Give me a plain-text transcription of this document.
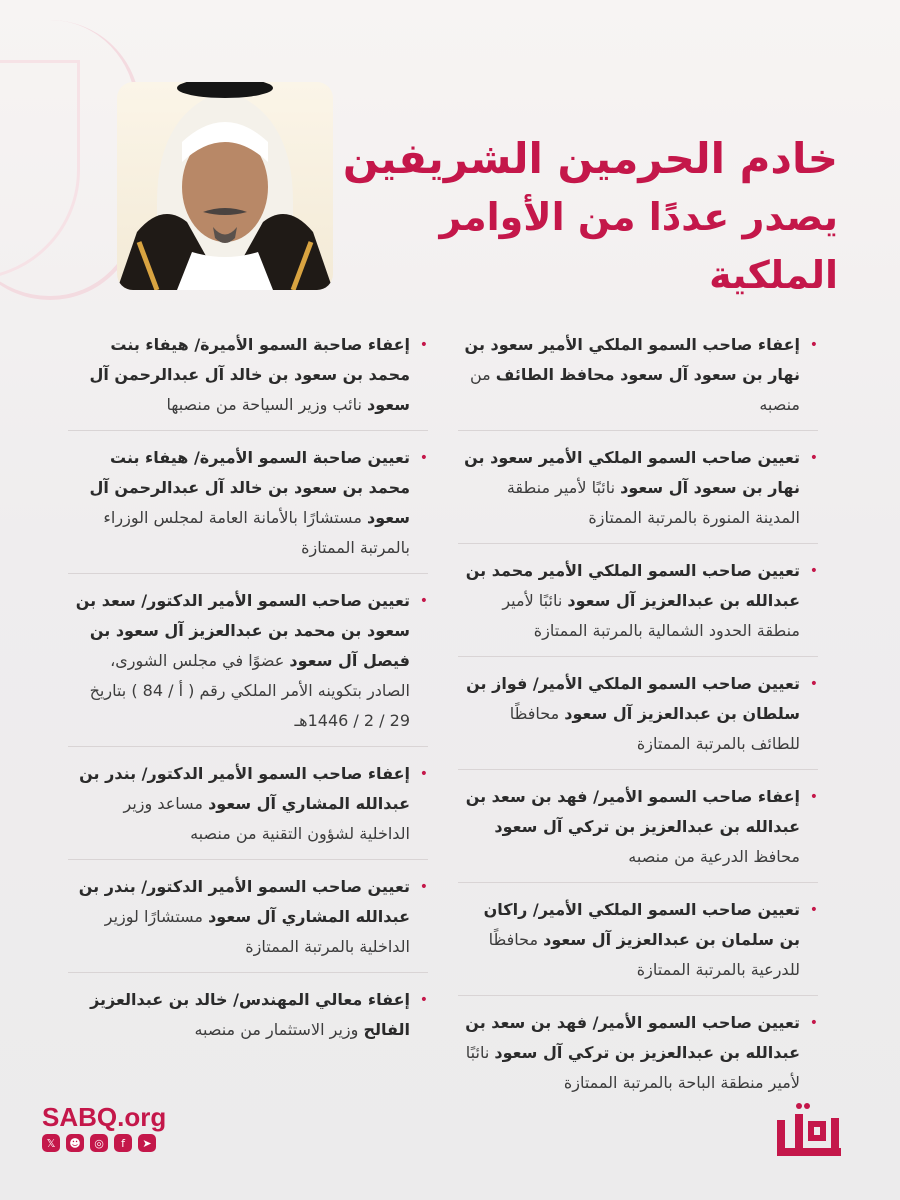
خادم الحرمين الشريفين
يصدر عددًا من الأوامر الملكية
• إعفاء صاحب السمو الملكي الأمير سعود بن نهار بن سعود آل سعود محافظ الطائف من منصبه
• تعيين صاحب السمو الملكي الأمير سعود بن نهار بن سعود آل سعود نائبًا لأمير منطقة المدينة المنورة بالمرتبة الممتازة
• تعيين صاحب السمو الملكي الأمير محمد بن عبدالله بن عبدالعزيز آل سعود نائبًا لأمير منطقة الحدود الشمالية بالمرتبة الممتازة
• تعيين صاحب السمو الملكي الأمير/ فواز بن سلطان بن عبدالعزيز آل سعود محافظًا للطائف بالمرتبة الممتازة
• إعفاء صاحب السمو الأمير/ فهد بن سعد بن عبدالله بن عبدالعزيز بن تركي آل سعود محافظ الدرعية من منصبه
• تعيين صاحب السمو الملكي الأمير/ راكان بن سلمان بن عبدالعزيز آل سعود محافظًا للدرعية بالمرتبة الممتازة
• تعيين صاحب السمو الأمير/ فهد بن سعد بن عبدالله بن عبدالعزيز بن تركي آل سعود نائبًا لأمير منطقة الباحة بالمرتبة الممتازة
• إعفاء صاحبة السمو الأميرة/ هيفاء بنت محمد بن سعود بن خالد آل عبدالرحمن آل سعود نائب وزير السياحة من منصبها
• تعيين صاحبة السمو الأميرة/ هيفاء بنت محمد بن سعود بن خالد آل عبدالرحمن آل سعود مستشارًا بالأمانة العامة لمجلس الوزراء بالمرتبة الممتازة
• تعيين صاحب السمو الأمير الدكتور/ سعد بن سعود بن محمد بن عبدالعزيز آل سعود بن فيصل آل سعود عضوًا في مجلس الشورى، الصادر بتكوينه الأمر الملكي رقم ( أ / 84 ) بتاريخ 29 / 2 / 1446هـ
• إعفاء صاحب السمو الأمير الدكتور/ بندر بن عبدالله المشاري آل سعود مساعد وزير الداخلية لشؤون التقنية من منصبه
• تعيين صاحب السمو الأمير الدكتور/ بندر بن عبدالله المشاري آل سعود مستشارًا لوزير الداخلية بالمرتبة الممتازة
• إعفاء معالي المهندس/ خالد بن عبدالعزيز الفالح وزير الاستثمار من منصبه
SABQ.org
𝕏	☻	◎	f	➤
